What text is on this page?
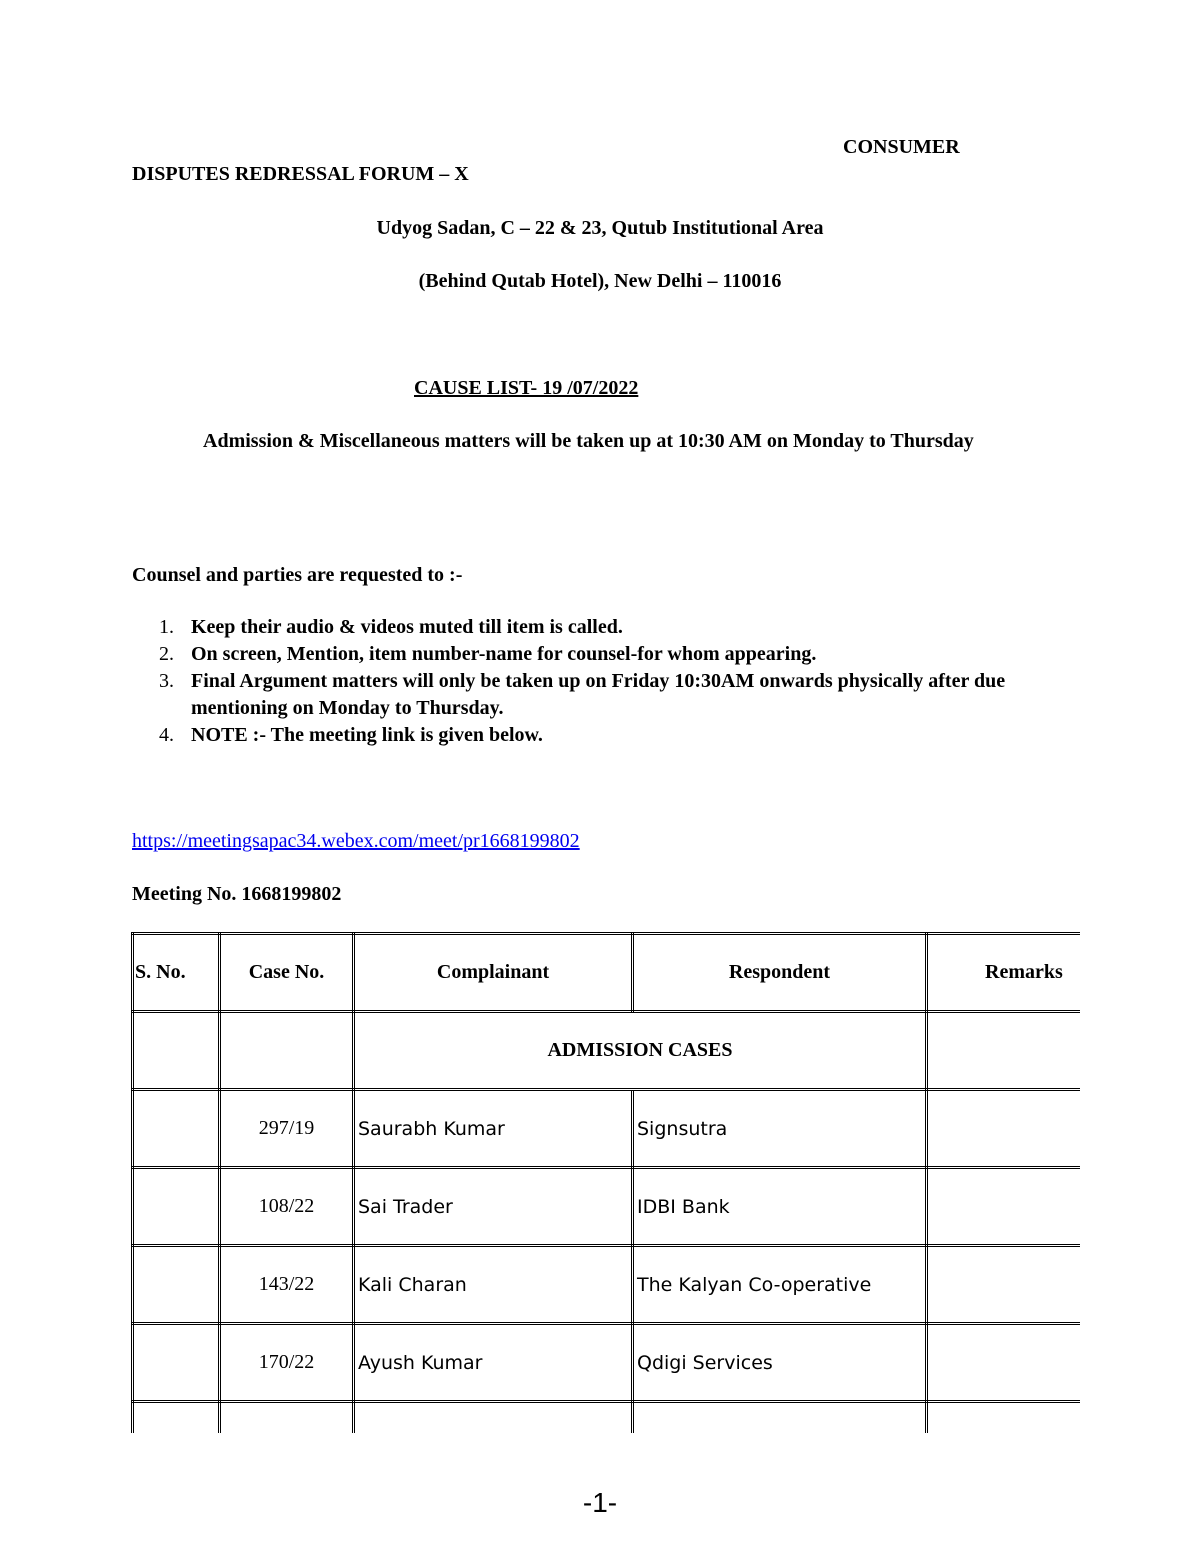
CONSUMER
DISPUTES REDRESSAL FORUM – X
Udyog Sadan, C – 22 & 23, Qutub Institutional Area
(Behind Qutab Hotel), New Delhi – 110016
CAUSE LIST- 19 /07/2022
Admission & Miscellaneous matters will be taken up at 10:30 AM on Monday to Thursday
Counsel and parties are requested to :-
1. Keep their audio & videos muted till item is called.
2. On screen, Mention, item number-name for counsel-for whom appearing.
3. Final Argument matters will only be taken up on Friday 10:30AM onwards physically after due mentioning on Monday to Thursday.
4. NOTE :- The meeting link is given below.
https://meetingsapac34.webex.com/meet/pr1668199802
Meeting No. 1668199802
S. No.	Case No.	Complainant	Respondent	Remarks
		ADMISSION CASES		
	297/19	Saurabh Kumar	Signsutra	
	108/22	Sai Trader	IDBI Bank	
	143/22	Kali Charan	The Kalyan Co-operative	
	170/22	Ayush Kumar	Qdigi Services	

-1-
